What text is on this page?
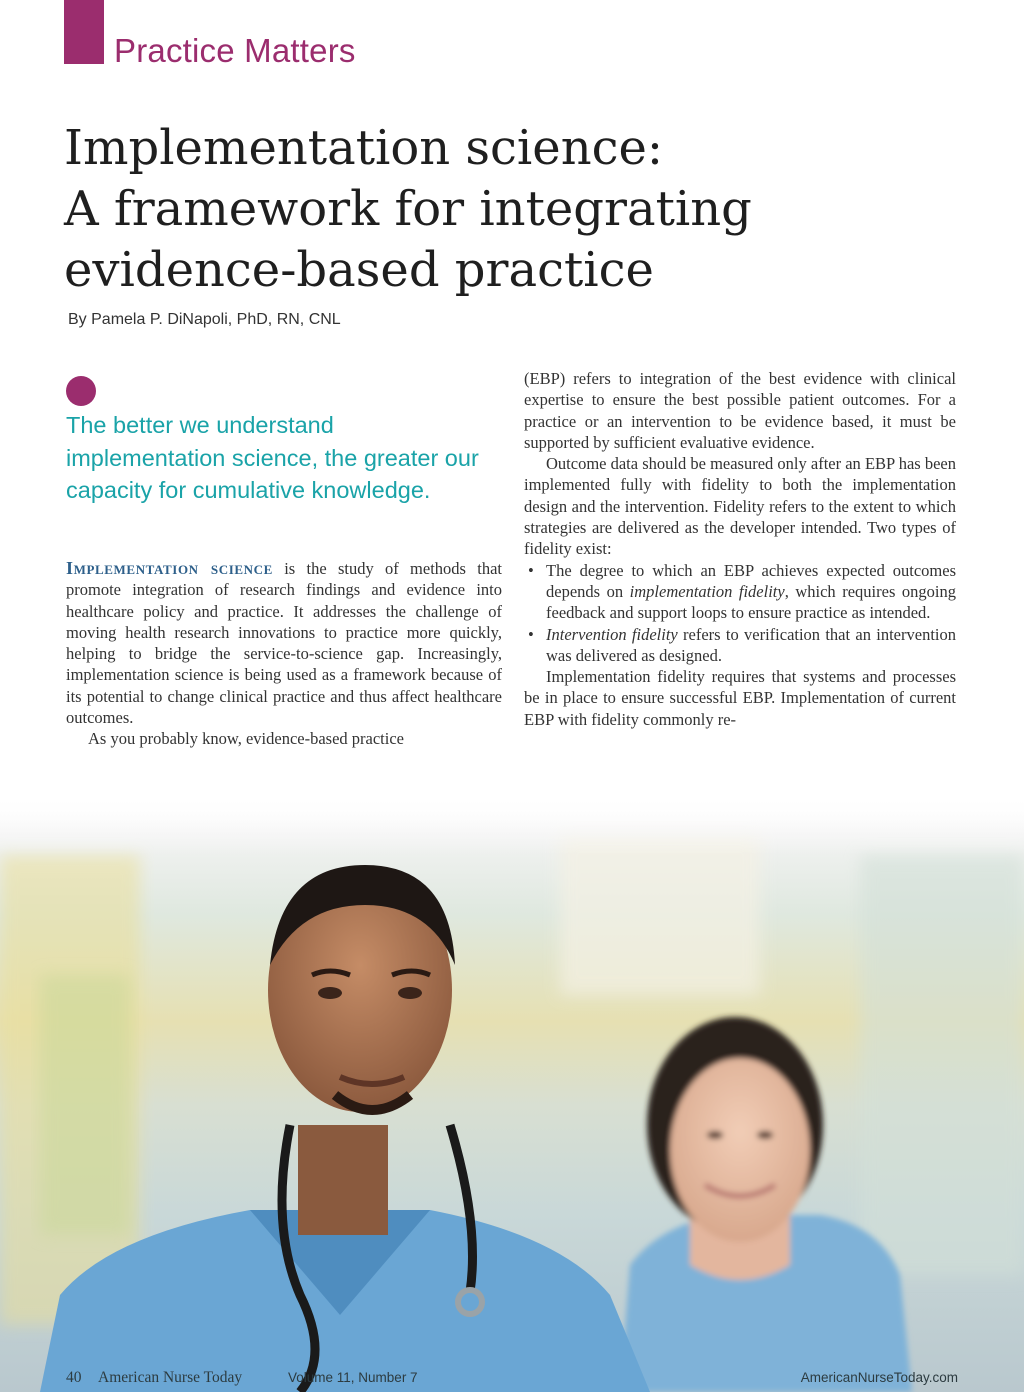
Practice Matters
Implementation science:
A framework for integrating
evidence-based practice
By Pamela P. DiNapoli, PhD, RN, CNL
The better we understand implementation science, the greater our capacity for cumulative knowledge.

Implementation science is the study of methods that promote integration of research findings and evidence into healthcare policy and practice. It addresses the challenge of moving health research innovations to practice more quickly, helping to bridge the service-to-science gap. Increasingly, implementation science is being used as a framework because of its potential to change clinical practice and thus affect healthcare outcomes.

As you probably know, evidence-based practice

(EBP) refers to integration of the best evidence with clinical expertise to ensure the best possible patient outcomes. For a practice or an intervention to be evidence based, it must be supported by sufficient evaluative evidence.

Outcome data should be measured only after an EBP has been implemented fully with fidelity to both the implementation design and the intervention. Fidelity refers to the extent to which strategies are delivered as the developer intended. Two types of fidelity exist:

• The degree to which an EBP achieves expected outcomes depends on implementation fidelity, which requires ongoing feedback and support loops to ensure practice as intended.
• Intervention fidelity refers to verification that an intervention was delivered as designed.

Implementation fidelity requires that systems and processes be in place to ensure successful EBP. Implementation of current EBP with fidelity commonly re-

40 American Nurse Today	Volume 11, Number 7	AmericanNurseToday.com
